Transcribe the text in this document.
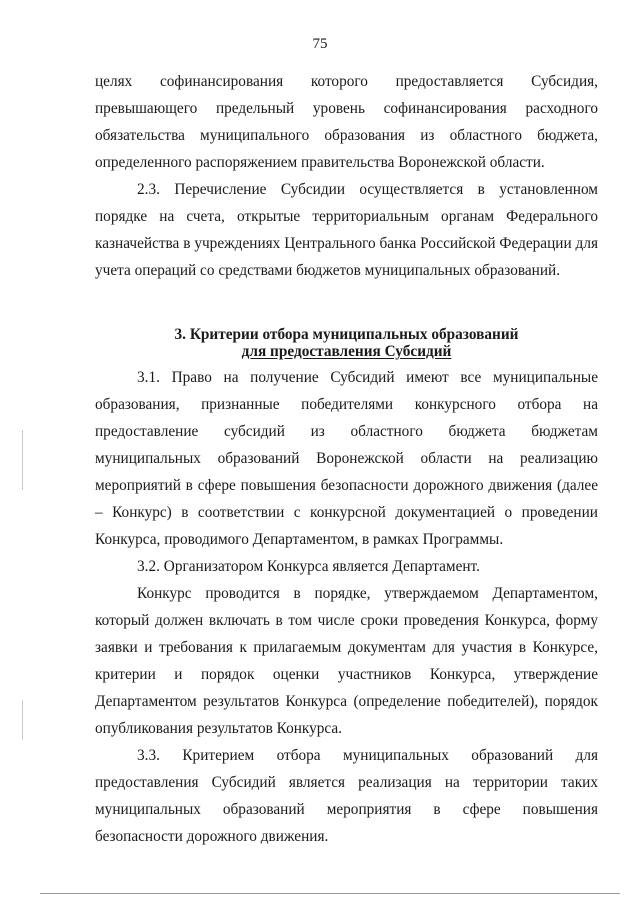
75

целях софинансирования которого предоставляется Субсидия, превышающего предельный уровень софинансирования расходного обязательства муниципального образования из областного бюджета, определенного распоряжением правительства Воронежской области.

2.3. Перечисление Субсидии осуществляется в установленном порядке на счета, открытые территориальным органам Федерального казначейства в учреждениях Центрального банка Российской Федерации для учета операций со средствами бюджетов муниципальных образований.

3. Критерии отбора муниципальных образований
для предоставления Субсидий

3.1. Право на получение Субсидий имеют все муниципальные образования, признанные победителями конкурсного отбора на предоставление субсидий из областного бюджета бюджетам муниципальных образований Воронежской области на реализацию мероприятий в сфере повышения безопасности дорожного движения (далее – Конкурс) в соответствии с конкурсной документацией о проведении Конкурса, проводимого Департаментом, в рамках Программы.

3.2. Организатором Конкурса является Департамент.

Конкурс проводится в порядке, утверждаемом Департаментом, который должен включать в том числе сроки проведения Конкурса, форму заявки и требования к прилагаемым документам для участия в Конкурсе, критерии и порядок оценки участников Конкурса, утверждение Департаментом результатов Конкурса (определение победителей), порядок опубликования результатов Конкурса.

3.3. Критерием отбора муниципальных образований для предоставления Субсидий является реализация на территории таких муниципальных образований мероприятия в сфере повышения безопасности дорожного движения.
